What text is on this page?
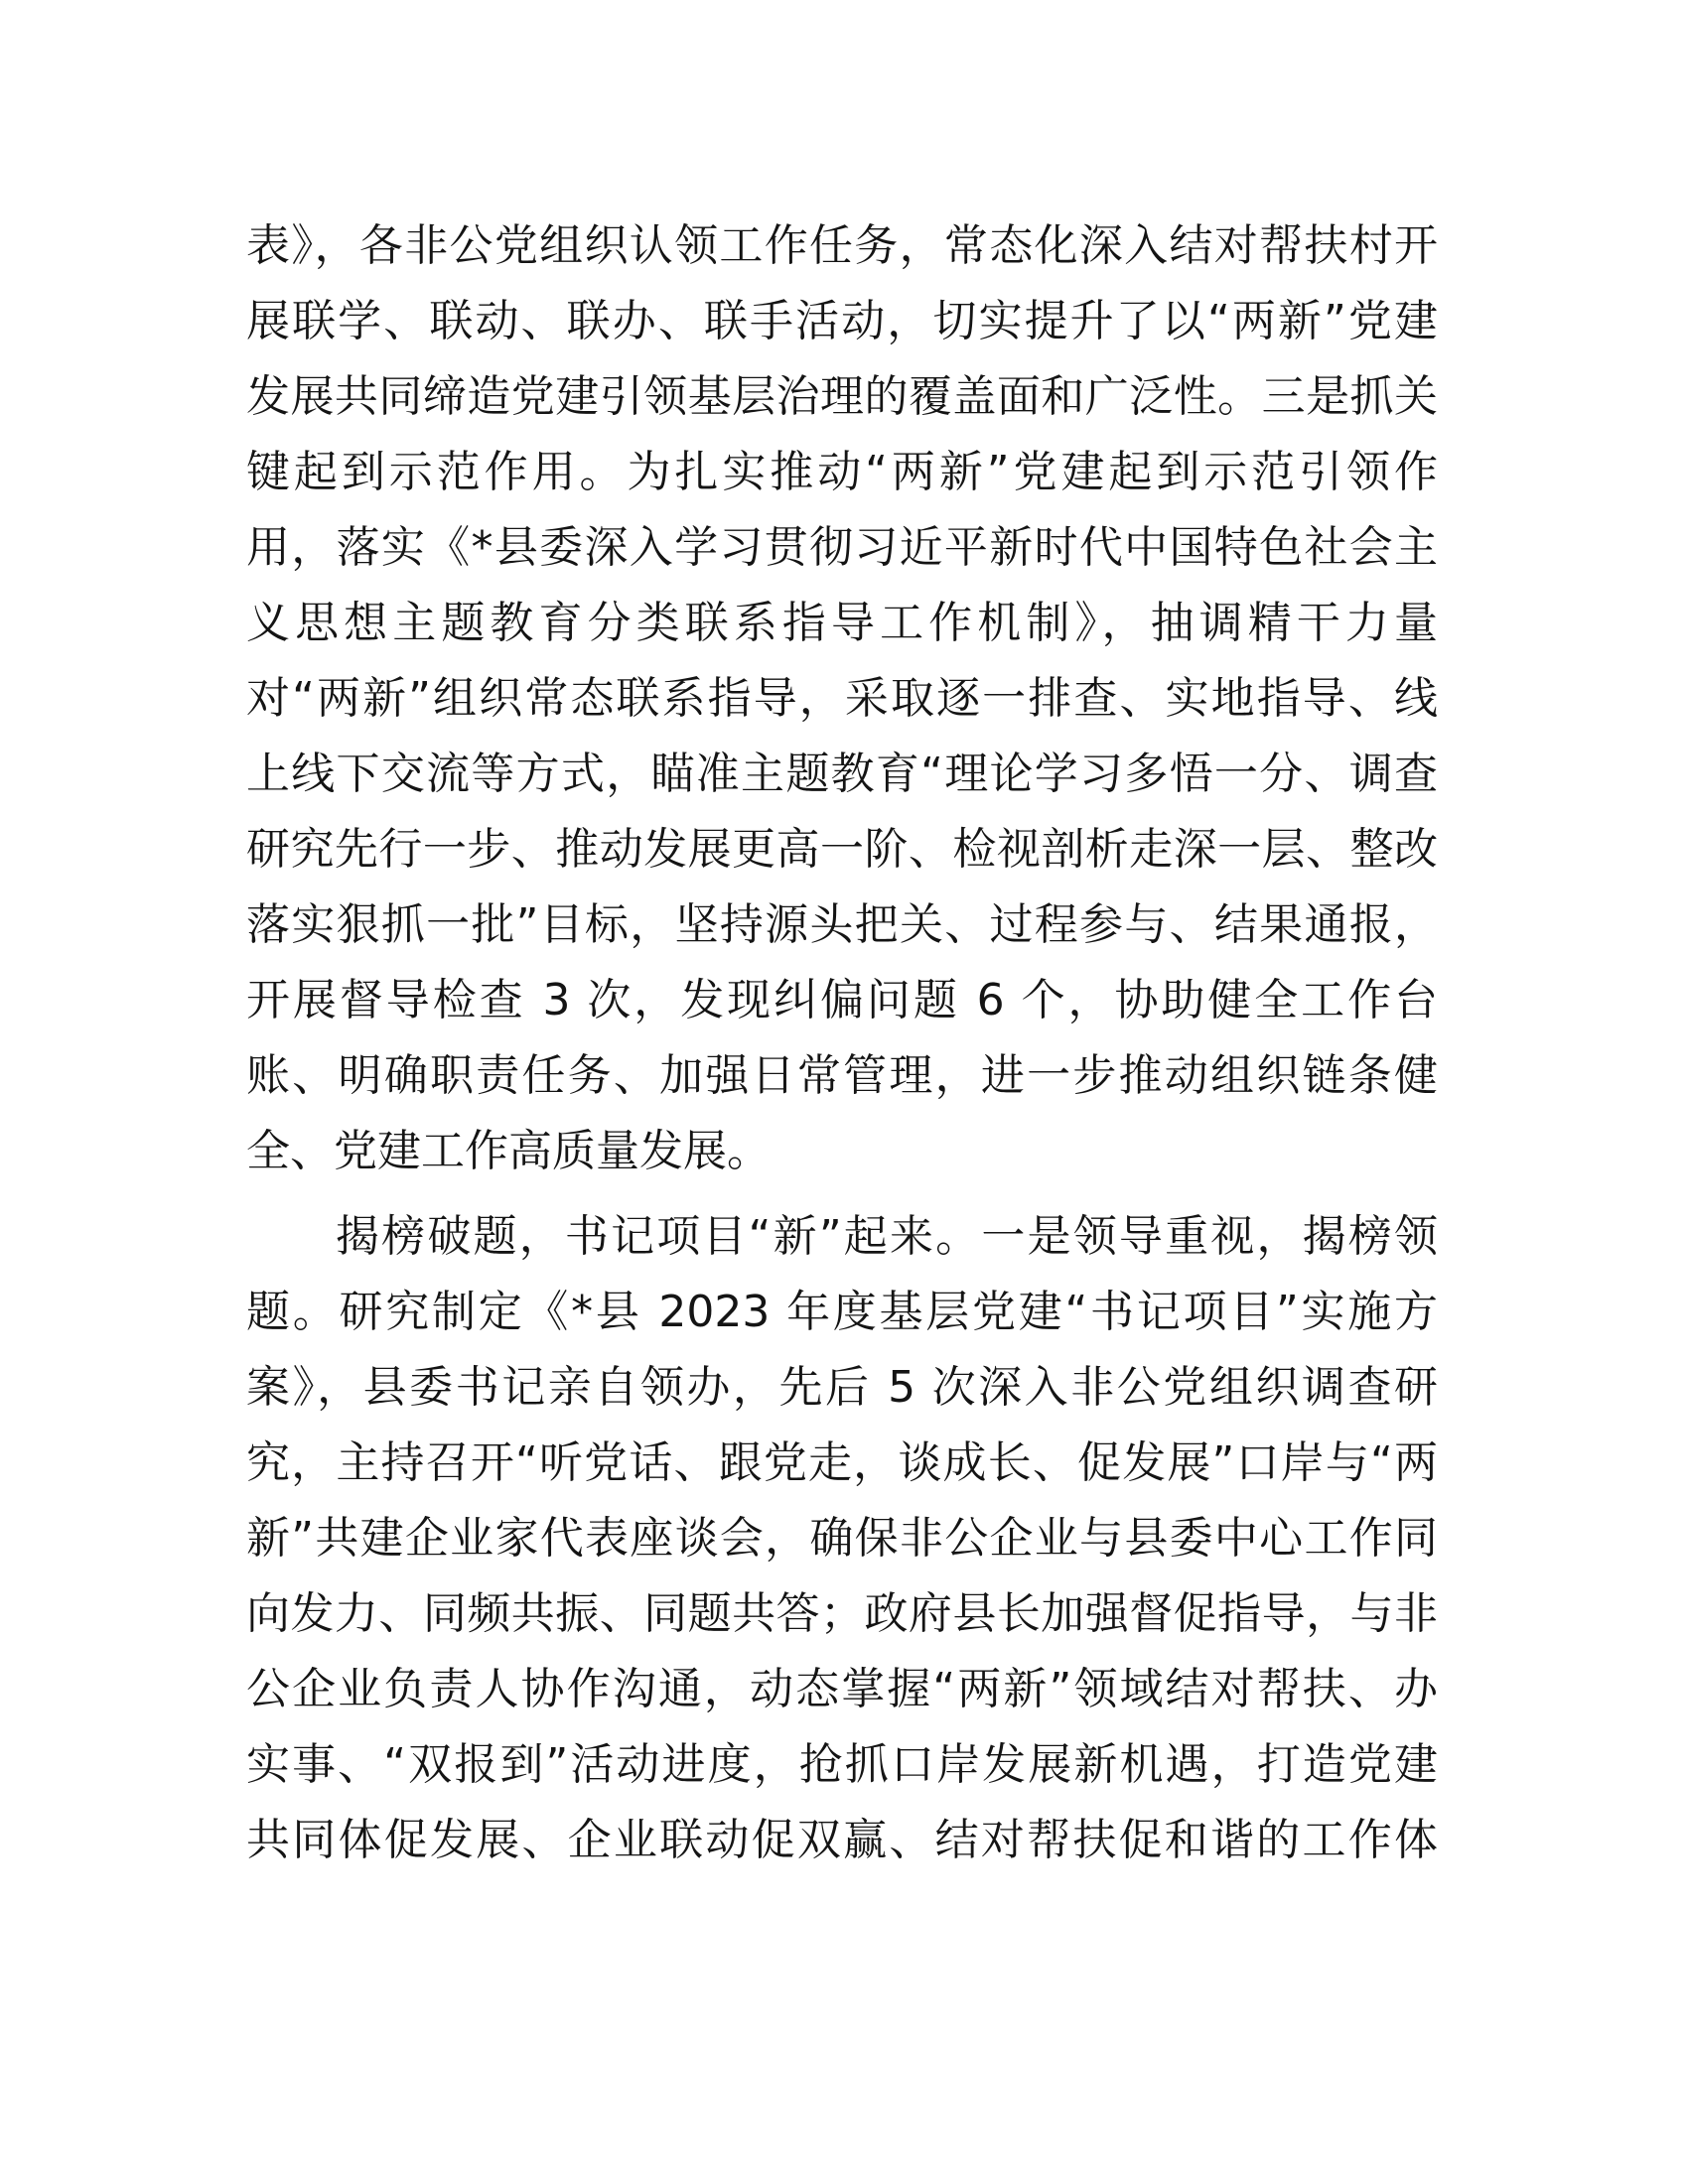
表》，各非公党组织认领工作任务，常态化深入结对帮扶村开
展联学、联动、联办、联手活动，切实提升了以“两新”党建
发展共同缔造党建引领基层治理的覆盖面和广泛性。三是抓关
键起到示范作用。为扎实推动“两新”党建起到示范引领作
用，落实《*县委深入学习贯彻习近平新时代中国特色社会主
义思想主题教育分类联系指导工作机制》，抽调精干力量
对“两新”组织常态联系指导，采取逐一排查、实地指导、线
上线下交流等方式，瞄准主题教育“理论学习多悟一分、调查
研究先行一步、推动发展更高一阶、检视剖析走深一层、整改
落实狠抓一批”目标，坚持源头把关、过程参与、结果通报，
开展督导检查 3 次，发现纠偏问题 6 个，协助健全工作台
账、明确职责任务、加强日常管理，进一步推动组织链条健
全、党建工作高质量发展。
揭榜破题，书记项目“新”起来。一是领导重视，揭榜领
题。研究制定《*县 2023 年度基层党建“书记项目”实施方
案》，县委书记亲自领办，先后 5 次深入非公党组织调查研
究，主持召开“听党话、跟党走，谈成长、促发展”口岸与“两
新”共建企业家代表座谈会，确保非公企业与县委中心工作同
向发力、同频共振、同题共答；政府县长加强督促指导，与非
公企业负责人协作沟通，动态掌握“两新”领域结对帮扶、办
实事、“双报到”活动进度，抢抓口岸发展新机遇，打造党建
共同体促发展、企业联动促双赢、结对帮扶促和谐的工作体
